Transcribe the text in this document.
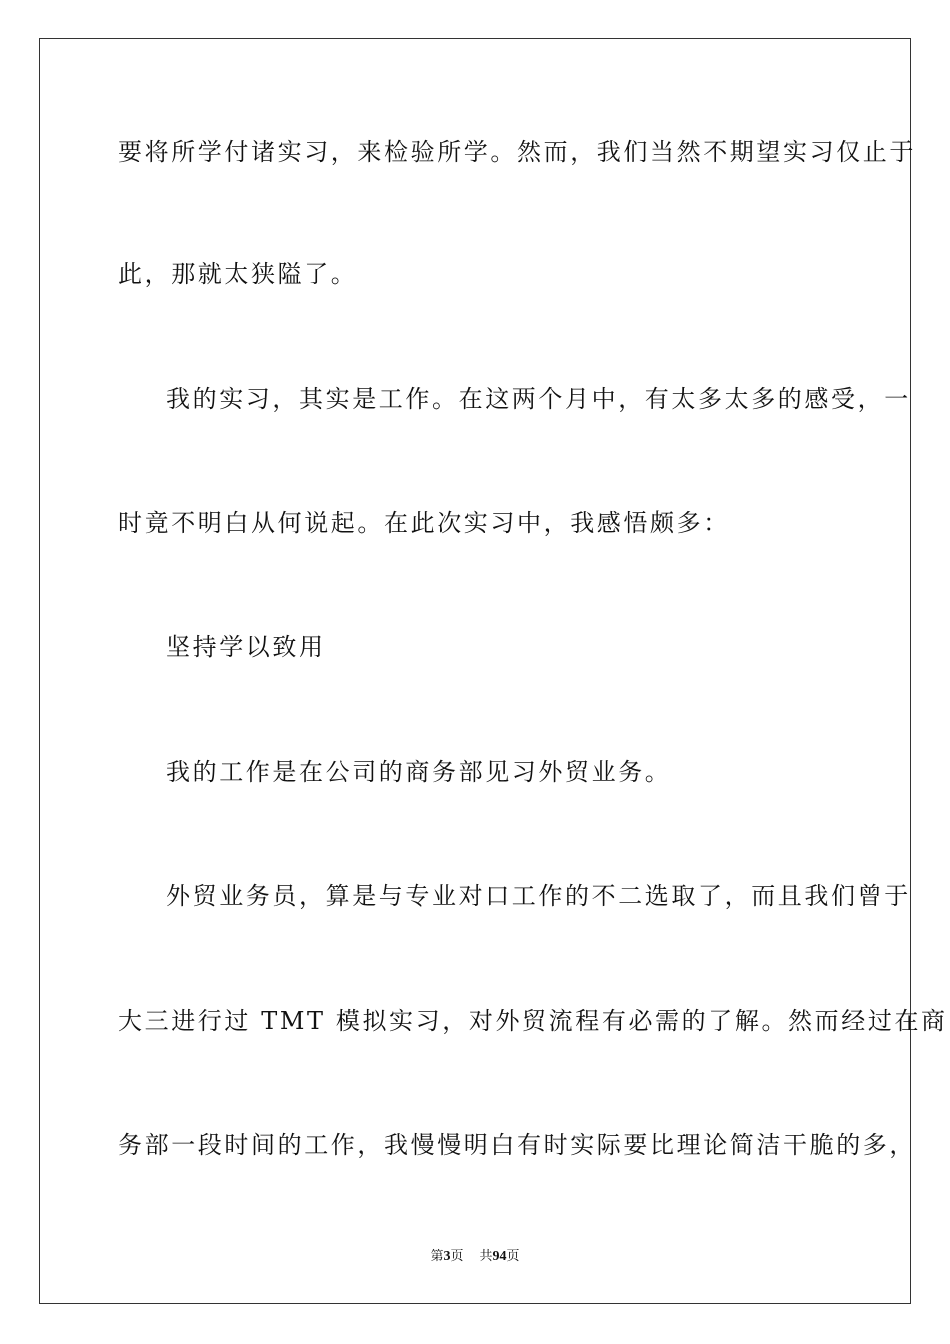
要将所学付诸实习，来检验所学。然而，我们当然不期望实习仅止于
此，那就太狭隘了。
我的实习，其实是工作。在这两个月中，有太多太多的感受，一
时竟不明白从何说起。在此次实习中，我感悟颇多：
坚持学以致用
我的工作是在公司的商务部见习外贸业务。
外贸业务员，算是与专业对口工作的不二选取了，而且我们曾于
大三进行过 TMT 模拟实习，对外贸流程有必需的了解。然而经过在商
务部一段时间的工作，我慢慢明白有时实际要比理论简洁干脆的多，
第3页 共94页
